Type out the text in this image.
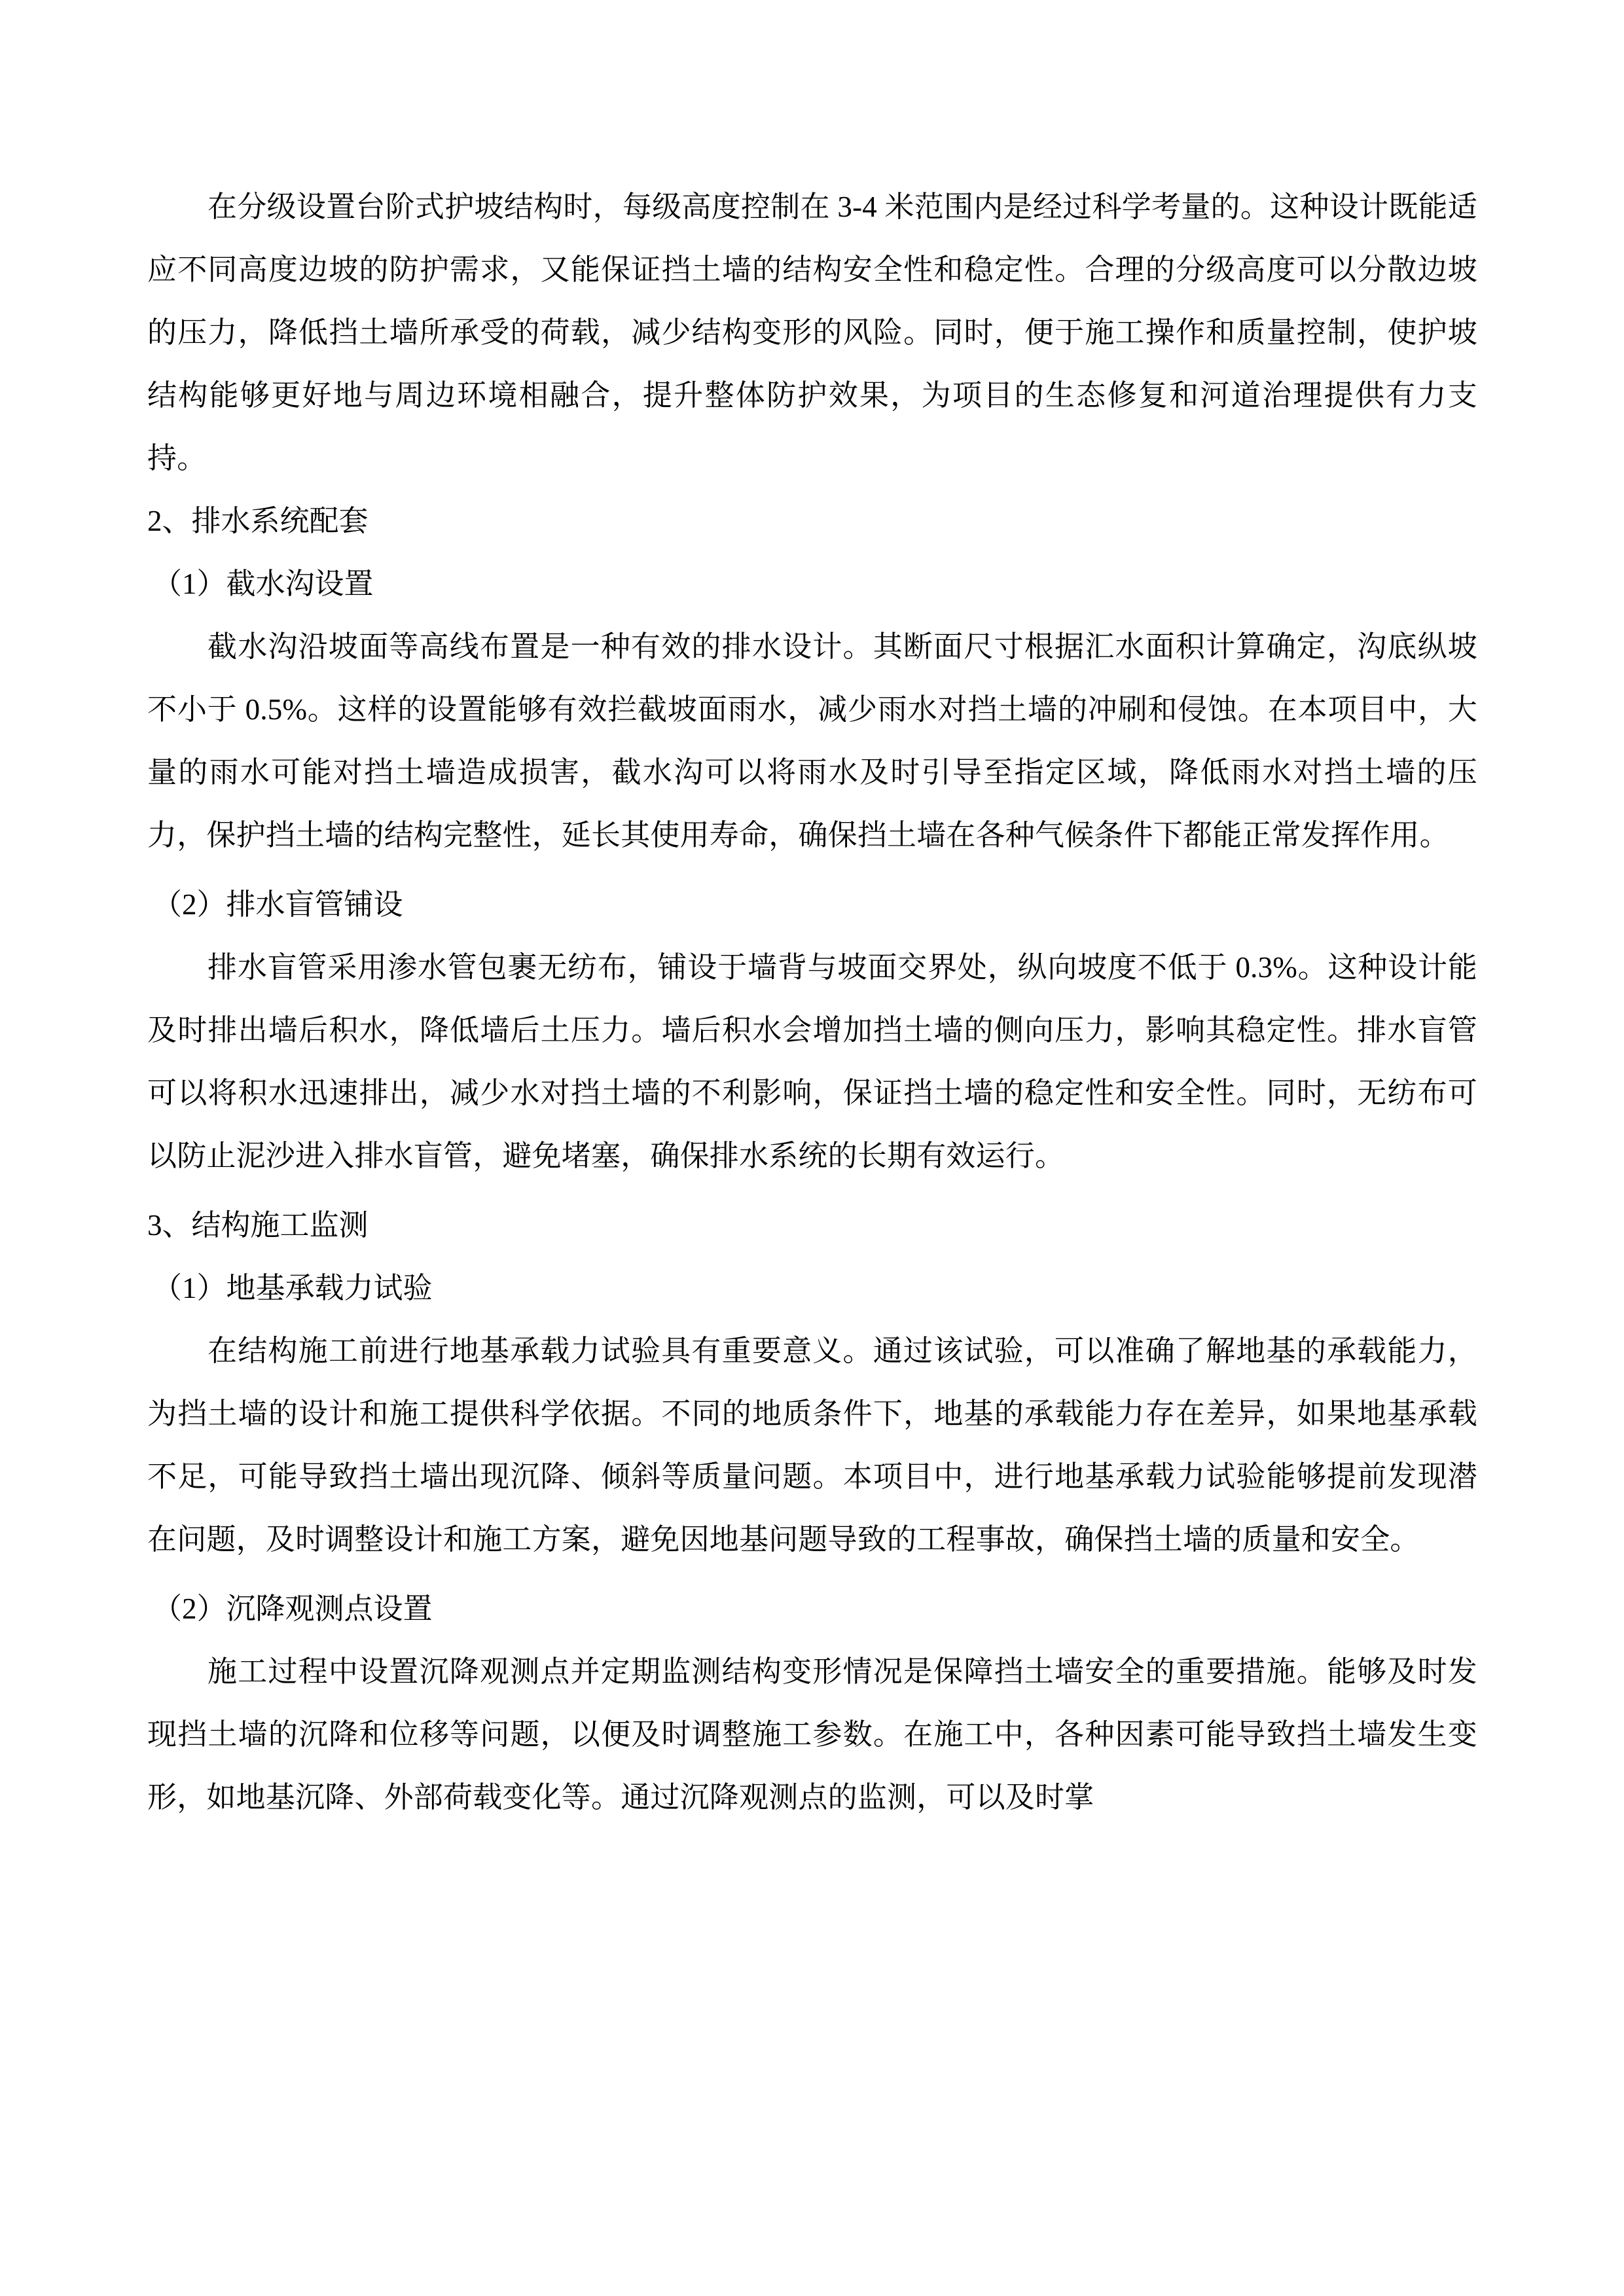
在分级设置台阶式护坡结构时，每级高度控制在 3-4 米范围内是经过科学考量的。这种设计既能适应不同高度边坡的防护需求，又能保证挡土墙的结构安全性和稳定性。合理的分级高度可以分散边坡的压力，降低挡土墙所承受的荷载，减少结构变形的风险。同时，便于施工操作和质量控制，使护坡结构能够更好地与周边环境相融合，提升整体防护效果，为项目的生态修复和河道治理提供有力支持。

2、排水系统配套

（1）截水沟设置

截水沟沿坡面等高线布置是一种有效的排水设计。其断面尺寸根据汇水面积计算确定，沟底纵坡不小于 0.5%。这样的设置能够有效拦截坡面雨水，减少雨水对挡土墙的冲刷和侵蚀。在本项目中，大量的雨水可能对挡土墙造成损害，截水沟可以将雨水及时引导至指定区域，降低雨水对挡土墙的压力，保护挡土墙的结构完整性，延长其使用寿命，确保挡土墙在各种气候条件下都能正常发挥作用。

（2）排水盲管铺设

排水盲管采用渗水管包裹无纺布，铺设于墙背与坡面交界处，纵向坡度不低于 0.3%。这种设计能及时排出墙后积水，降低墙后土压力。墙后积水会增加挡土墙的侧向压力，影响其稳定性。排水盲管可以将积水迅速排出，减少水对挡土墙的不利影响，保证挡土墙的稳定性和安全性。同时，无纺布可以防止泥沙进入排水盲管，避免堵塞，确保排水系统的长期有效运行。

3、结构施工监测

（1）地基承载力试验

在结构施工前进行地基承载力试验具有重要意义。通过该试验，可以准确了解地基的承载能力，为挡土墙的设计和施工提供科学依据。不同的地质条件下，地基的承载能力存在差异，如果地基承载不足，可能导致挡土墙出现沉降、倾斜等质量问题。本项目中，进行地基承载力试验能够提前发现潜在问题，及时调整设计和施工方案，避免因地基问题导致的工程事故，确保挡土墙的质量和安全。

（2）沉降观测点设置

施工过程中设置沉降观测点并定期监测结构变形情况是保障挡土墙安全的重要措施。能够及时发现挡土墙的沉降和位移等问题，以便及时调整施工参数。在施工中，各种因素可能导致挡土墙发生变形，如地基沉降、外部荷载变化等。通过沉降观测点的监测，可以及时掌
